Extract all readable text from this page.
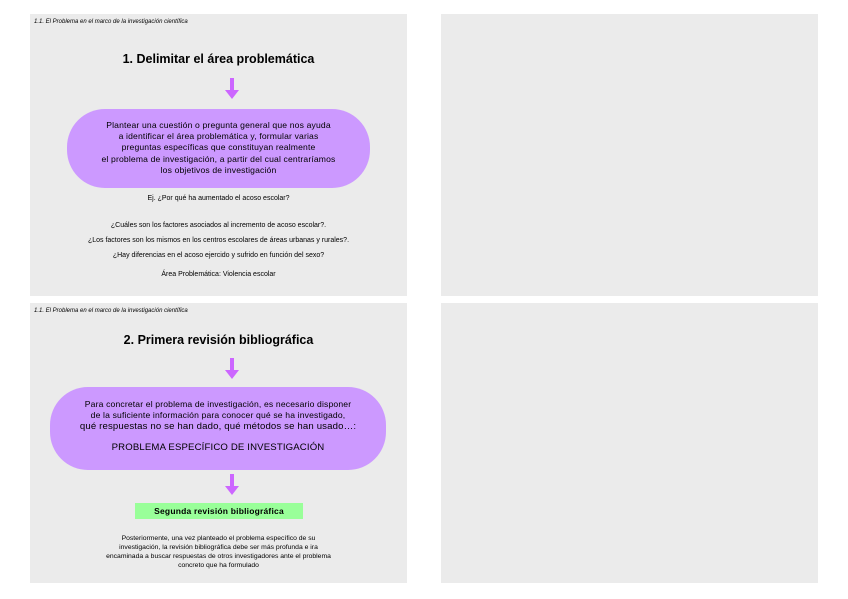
1.1. El Problema en el marco de la investigación científica
1. Delimitar el área problemática
Plantear una cuestión o pregunta general que nos ayuda
a identificar el área problemática y, formular varias
preguntas específicas que constituyan realmente
el problema de investigación, a partir del cual centraríamos
los objetivos de investigación
Ej. ¿Por qué ha aumentado el acoso escolar?
¿Cuáles son los factores asociados al incremento de acoso escolar?.
¿Los factores son los mismos en los centros escolares de áreas urbanas y rurales?.
¿Hay diferencias en el acoso ejercido y sufrido en función del sexo?
Área Problemática: Violencia escolar
1.1. El Problema en el marco de la investigación científica
2. Primera revisión bibliográfica
Para concretar el problema de investigación, es necesario disponer
de la suficiente información para conocer qué se ha investigado,
qué respuestas no se han dado, qué métodos se han usado…:
PROBLEMA ESPECÍFICO DE INVESTIGACIÓN
Segunda revisión bibliográfica
Posteriormente, una vez planteado el problema específico de su
investigación, la revisión bibliográfica debe ser más profunda e ira
encaminada a buscar respuestas de otros investigadores ante el problema
concreto que ha formulado
